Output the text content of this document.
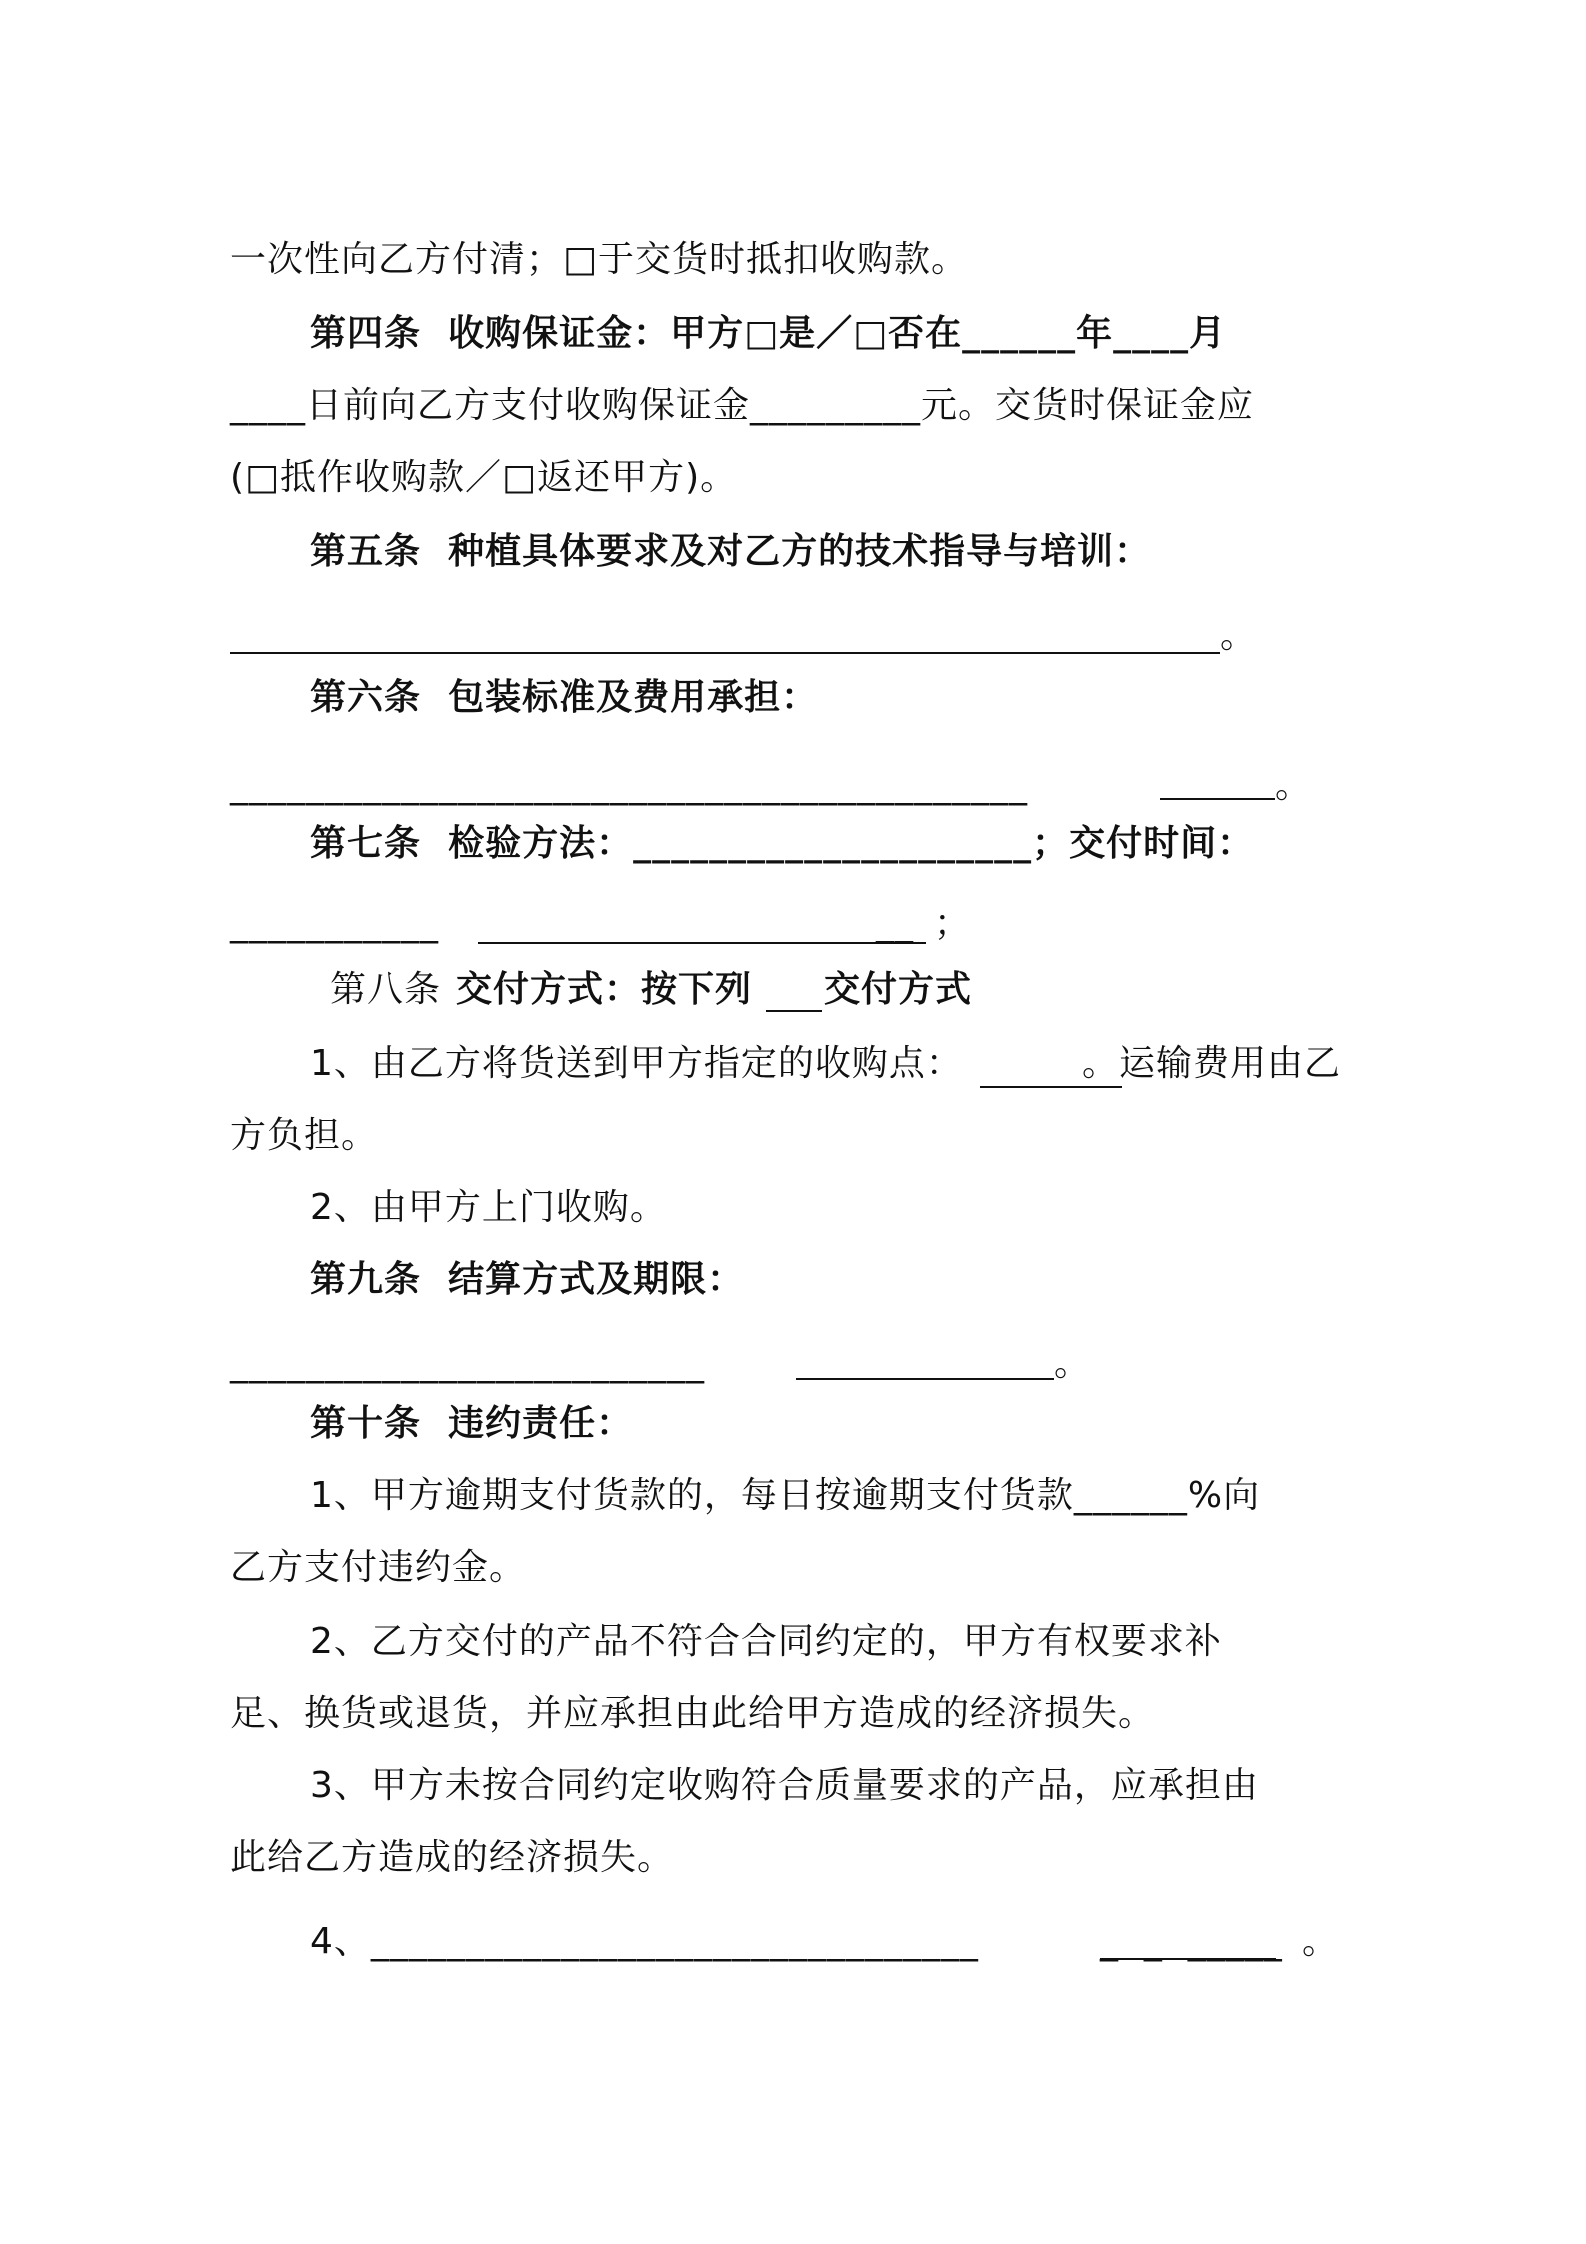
一次性向乙方付清；□于交货时抵扣收购款。
第四条  收购保证金：甲方□是／□否在______年____月
____日前向乙方支付收购保证金_________元。交货时保证金应
(□抵作收购款／□返还甲方)。
第五条  种植具体要求及对乙方的技术指导与培训：
。
第六条  包装标准及费用承担：
__________________________________________	。
第七条  检验方法：_____________________；交付时间：
___________	__ ；
第八条 交付方式：按下列 交付方式
1、由乙方将货送到甲方指定的收购点：	。运输费用由乙
方负担。
2、由甲方上门收购。
第九条  结算方式及期限：
_________________________	。
第十条  违约责任：
1、甲方逾期支付货款的，每日按逾期支付货款______%向
乙方支付违约金。
2、乙方交付的产品不符合合同约定的，甲方有权要求补
足、换货或退货，并应承担由此给甲方造成的经济损失。
3、甲方未按合同约定收购符合质量要求的产品，应承担由
此给乙方造成的经济损失。
4、________________________________	_  _  _____ 。
